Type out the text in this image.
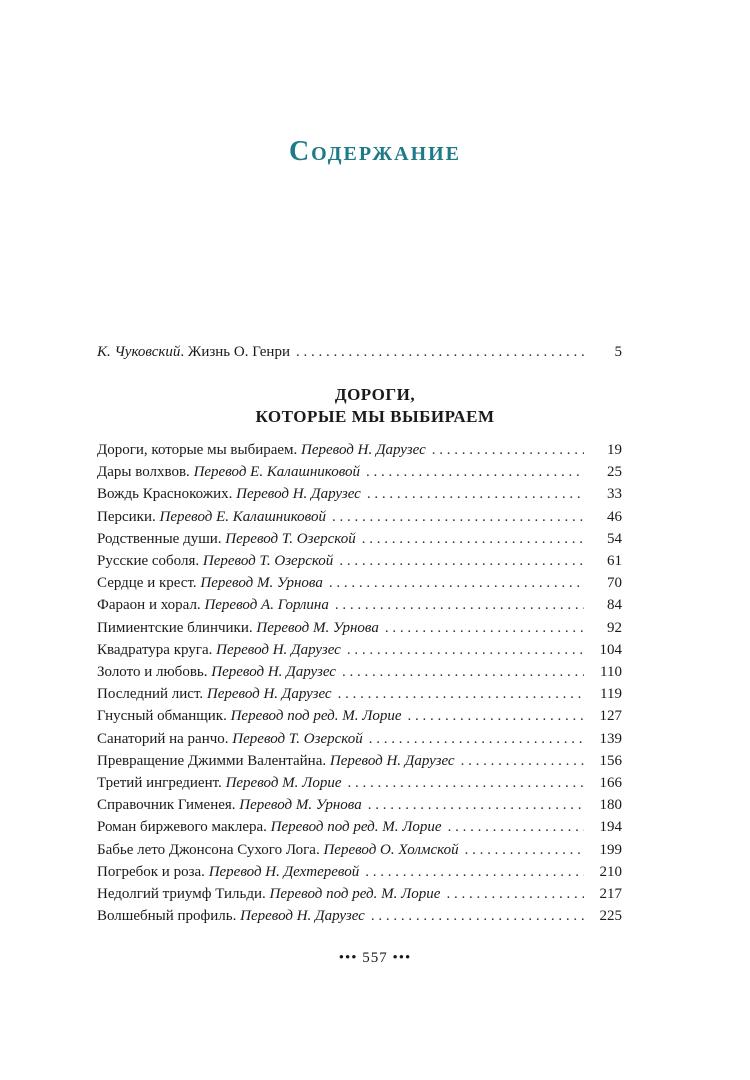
Содержание
К. Чуковский. Жизнь О. Генри . . .	5
ДОРОГИ,
КОТОРЫЕ МЫ ВЫБИРАЕМ
Дороги, которые мы выбираем. Перевод Н. Дарузес . . .	19
Дары волхвов. Перевод Е. Калашниковой . . .	25
Вождь Краснокожих. Перевод Н. Дарузес . . .	33
Персики. Перевод Е. Калашниковой . . .	46
Родственные души. Перевод Т. Озерской . . .	54
Русские соболя. Перевод Т. Озерской . . .	61
Сердце и крест. Перевод М. Урнова . . .	70
Фараон и хорал. Перевод А. Горлина . . .	84
Пимиентские блинчики. Перевод М. Урнова . . .	92
Квадратура круга. Перевод Н. Дарузес . . .	104
Золото и любовь. Перевод Н. Дарузес . . .	110
Последний лист. Перевод Н. Дарузес . . .	119
Гнусный обманщик. Перевод под ред. М. Лорие . . .	127
Санаторий на ранчо. Перевод Т. Озерской . . .	139
Превращение Джимми Валентайна. Перевод Н. Дарузес . . .	156
Третий ингредиент. Перевод М. Лорие . . .	166
Справочник Гименея. Перевод М. Урнова . . .	180
Роман биржевого маклера. Перевод под ред. М. Лорие . . .	194
Бабье лето Джонсона Сухого Лога. Перевод О. Холмской . . .	199
Погребок и роза. Перевод Н. Дехтеревой . . .	210
Недолгий триумф Тильди. Перевод под ред. М. Лорие . . .	217
Волшебный профиль. Перевод Н. Дарузес . . .	225
••• 557 •••
